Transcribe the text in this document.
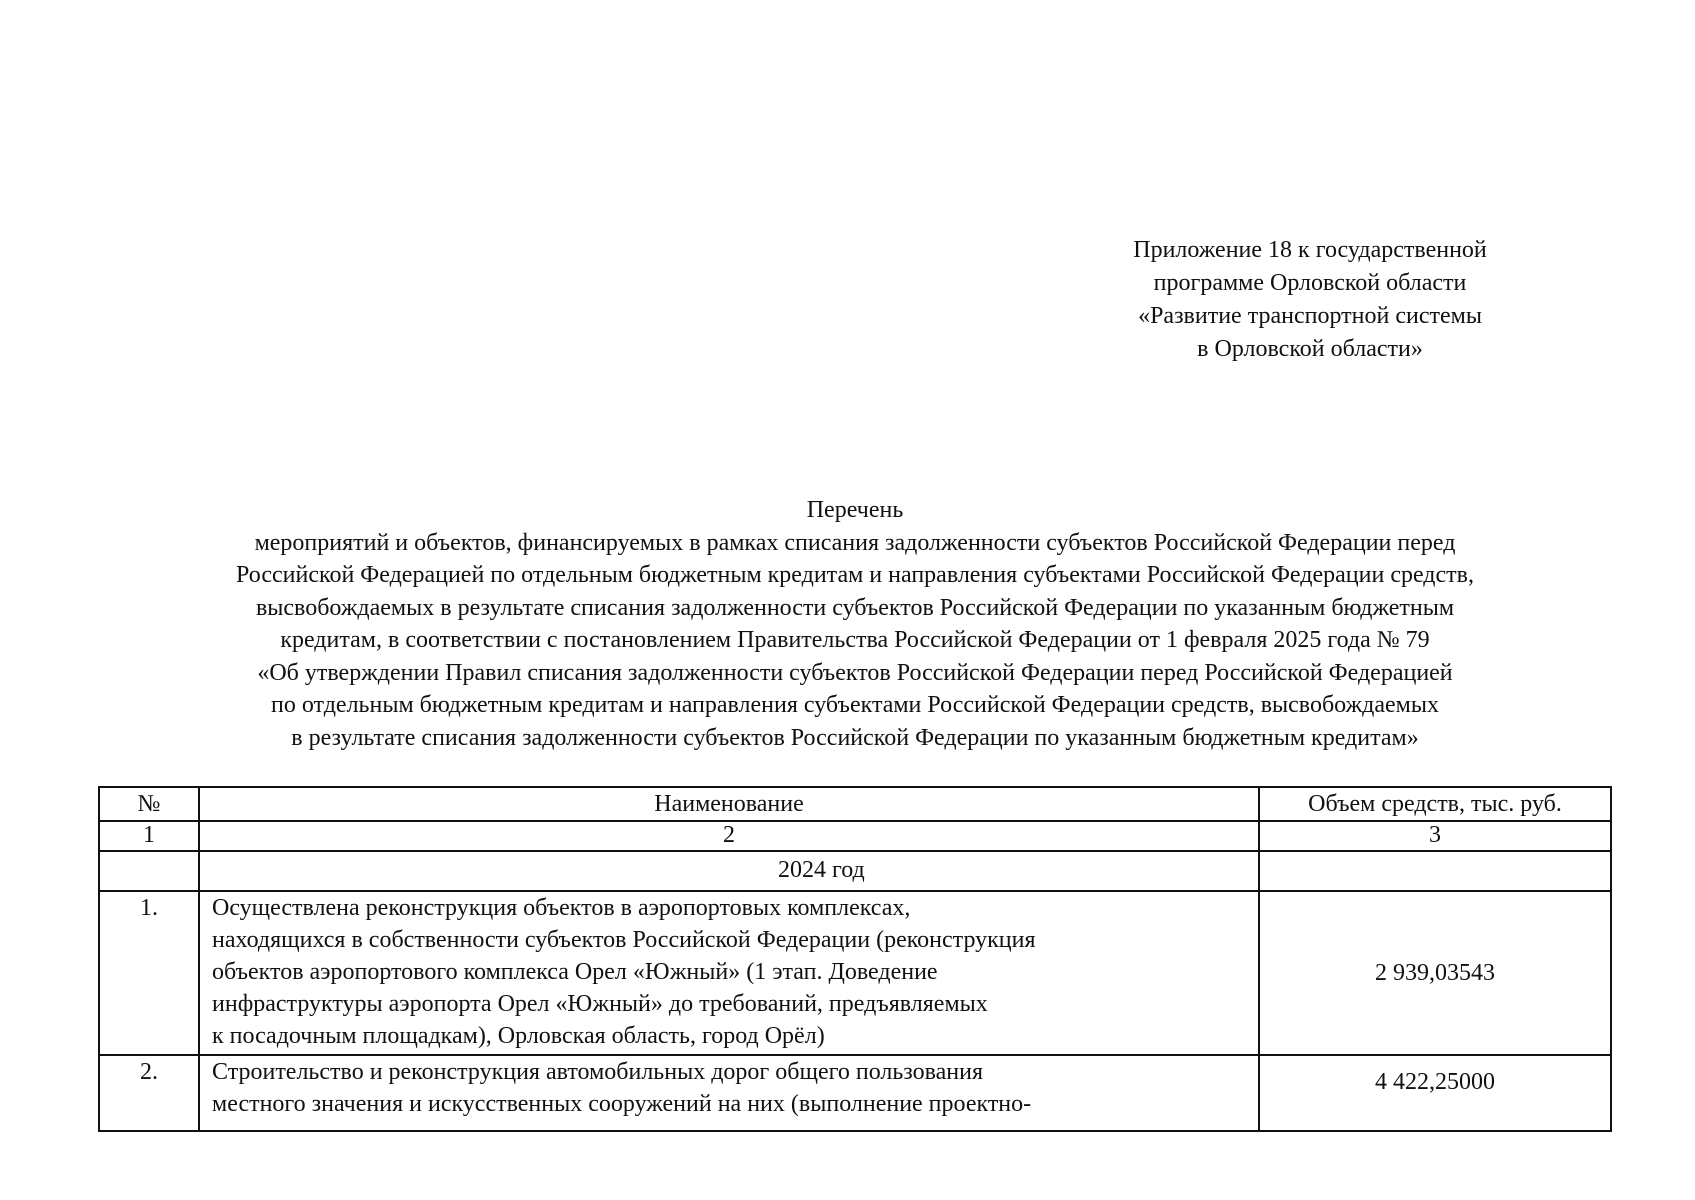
Приложение 18 к государственной
программе Орловской области
«Развитие транспортной системы
в Орловской области»
Перечень
мероприятий и объектов, финансируемых в рамках списания задолженности субъектов Российской Федерации перед
Российской Федерацией по отдельным бюджетным кредитам и направления субъектами Российской Федерации средств,
высвобождаемых в результате списания задолженности субъектов Российской Федерации по указанным бюджетным
кредитам, в соответствии с постановлением Правительства Российской Федерации от 1 февраля 2025 года № 79
«Об утверждении Правил списания задолженности субъектов Российской Федерации перед Российской Федерацией
по отдельным бюджетным кредитам и направления субъектами Российской Федерации средств, высвобождаемых
в результате списания задолженности субъектов Российской Федерации по указанным бюджетным кредитам»
№	Наименование	Объем средств, тыс. руб.
1	2	3
	2024 год	
1.	Осуществлена реконструкция объектов в аэропортовых комплексах,
находящихся в собственности субъектов Российской Федерации (реконструкция
объектов аэропортового комплекса Орел «Южный» (1 этап. Доведение
инфраструктуры аэропорта Орел «Южный» до требований, предъявляемых
к посадочным площадкам), Орловская область, город Орёл)	2 939,03543
2.	Строительство и реконструкция автомобильных дорог общего пользования
местного значения и искусственных сооружений на них (выполнение проектно-	4 422,25000
